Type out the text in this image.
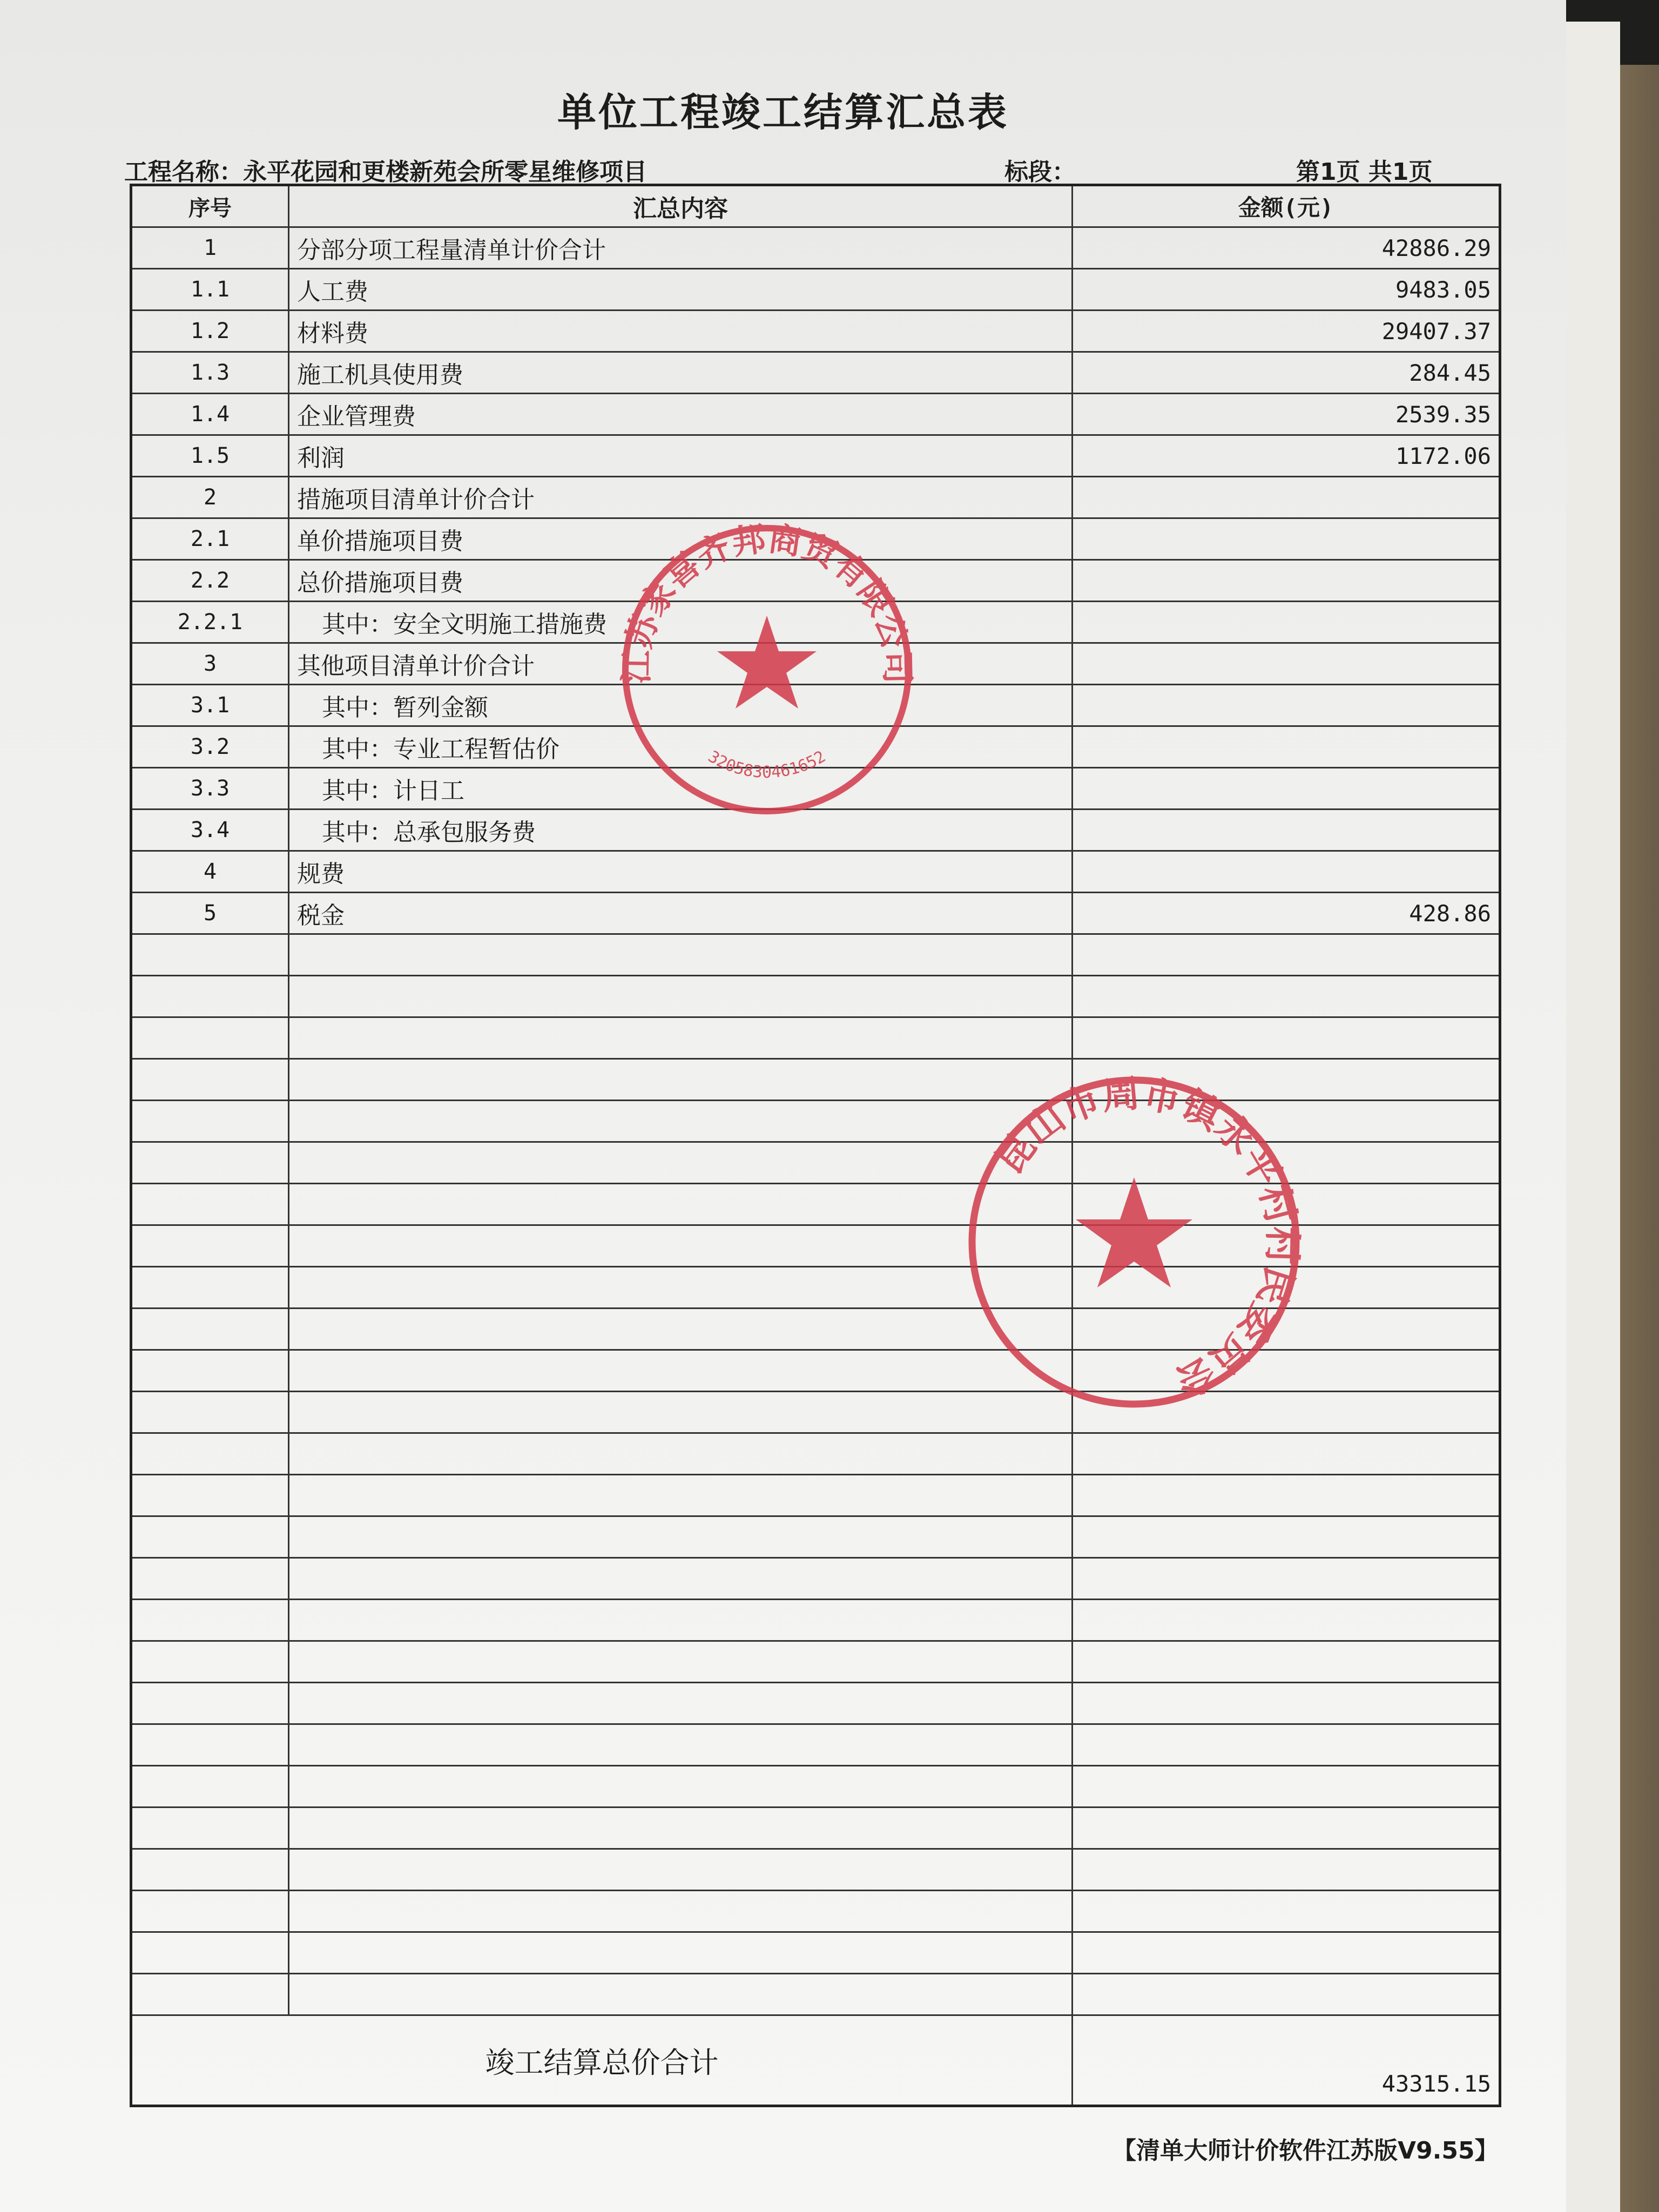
单位工程竣工结算汇总表
工程名称：永平花园和更楼新苑会所零星维修项目	标段：	第1页 共1页
序号	汇总内容	金额(元)
1	分部分项工程量清单计价合计	42886.29
1.1	人工费	9483.05
1.2	材料费	29407.37
1.3	施工机具使用费	284.45
1.4	企业管理费	2539.35
1.5	利润	1172.06
2	措施项目清单计价合计	
2.1	单价措施项目费	
2.2	总价措施项目费	
2.2.1	其中：安全文明施工措施费	
3	其他项目清单计价合计	
3.1	其中：暂列金额	
3.2	其中：专业工程暂估价	
3.3	其中：计日工	
3.4	其中：总承包服务费	
4	规费	
5	税金	428.86

竣工结算总价合计		43315.15
【清单大师计价软件江苏版V9.55】
江苏家喜齐邦商贸有限公司
3205830461652
昆山市周市镇永平村村民委员会
